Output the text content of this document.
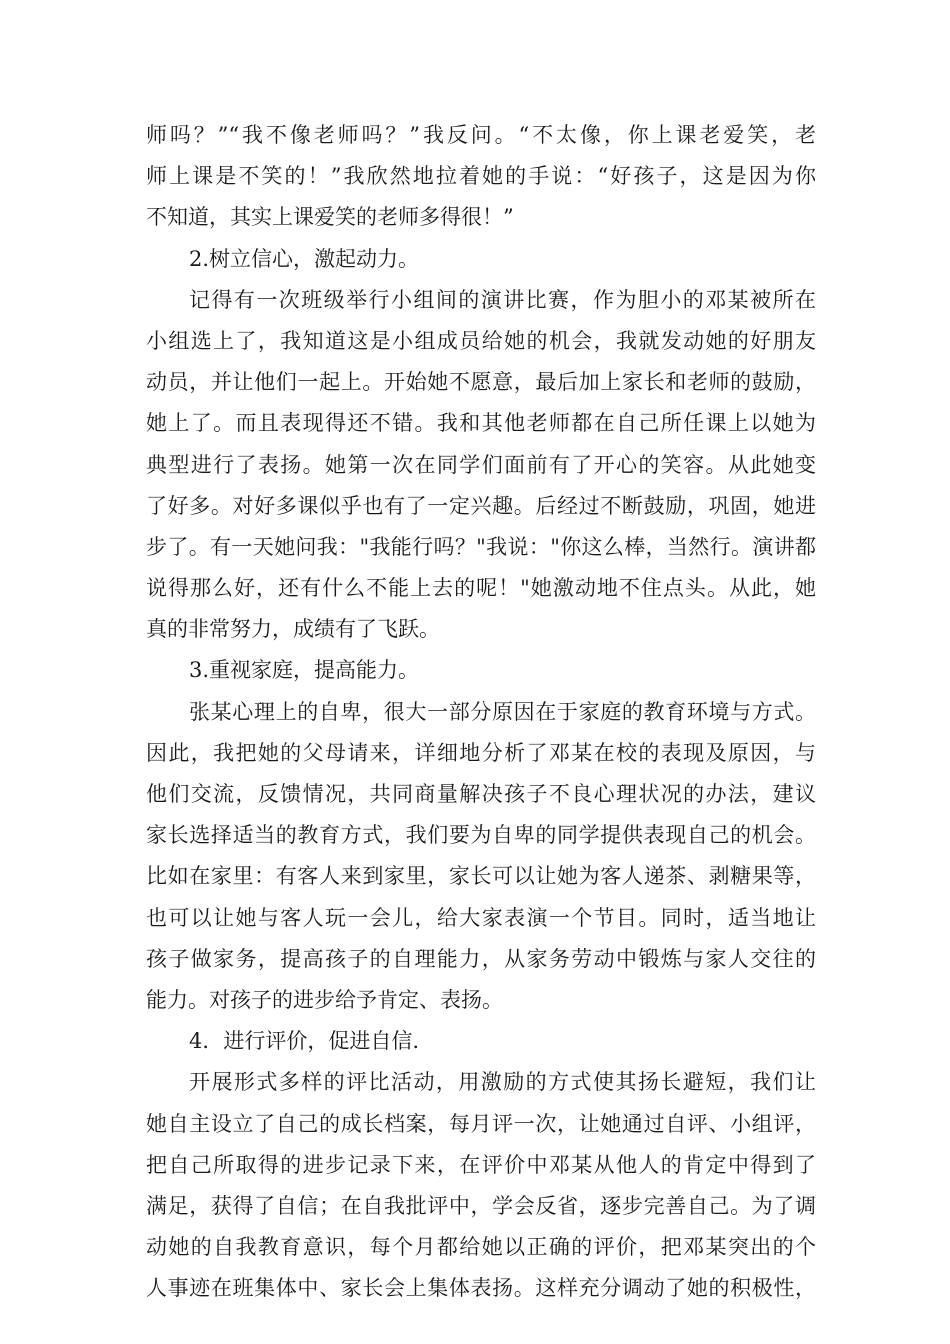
师吗？”“我不像老师吗？”我反问。“不太像，你上课老爱笑，老
师上课是不笑的！”我欣然地拉着她的手说：“好孩子，这是因为你
不知道，其实上课爱笑的老师多得很！”
2.树立信心，激起动力。
记得有一次班级举行小组间的演讲比赛，作为胆小的邓某被所在
小组选上了，我知道这是小组成员给她的机会，我就发动她的好朋友
动员，并让他们一起上。开始她不愿意，最后加上家长和老师的鼓励，
她上了。而且表现得还不错。我和其他老师都在自己所任课上以她为
典型进行了表扬。她第一次在同学们面前有了开心的笑容。从此她变
了好多。对好多课似乎也有了一定兴趣。后经过不断鼓励，巩固，她进
步了。有一天她问我："我能行吗？"我说："你这么棒，当然行。演讲都
说得那么好，还有什么不能上去的呢！"她激动地不住点头。从此，她
真的非常努力，成绩有了飞跃。
3.重视家庭，提高能力。
张某心理上的自卑，很大一部分原因在于家庭的教育环境与方式。
因此，我把她的父母请来，详细地分析了邓某在校的表现及原因，与
他们交流，反馈情况，共同商量解决孩子不良心理状况的办法，建议
家长选择适当的教育方式，我们要为自卑的同学提供表现自己的机会。
比如在家里：有客人来到家里，家长可以让她为客人递茶、剥糖果等，
也可以让她与客人玩一会儿，给大家表演一个节目。同时，适当地让
孩子做家务，提高孩子的自理能力，从家务劳动中锻炼与家人交往的
能力。对孩子的进步给予肯定、表扬。
4．进行评价，促进自信.
开展形式多样的评比活动，用激励的方式使其扬长避短，我们让
她自主设立了自己的成长档案，每月评一次，让她通过自评、小组评，
把自己所取得的进步记录下来，在评价中邓某从他人的肯定中得到了
满足，获得了自信；在自我批评中，学会反省，逐步完善自己。为了调
动她的自我教育意识，每个月都给她以正确的评价，把邓某突出的个
人事迹在班集体中、家长会上集体表扬。这样充分调动了她的积极性，
